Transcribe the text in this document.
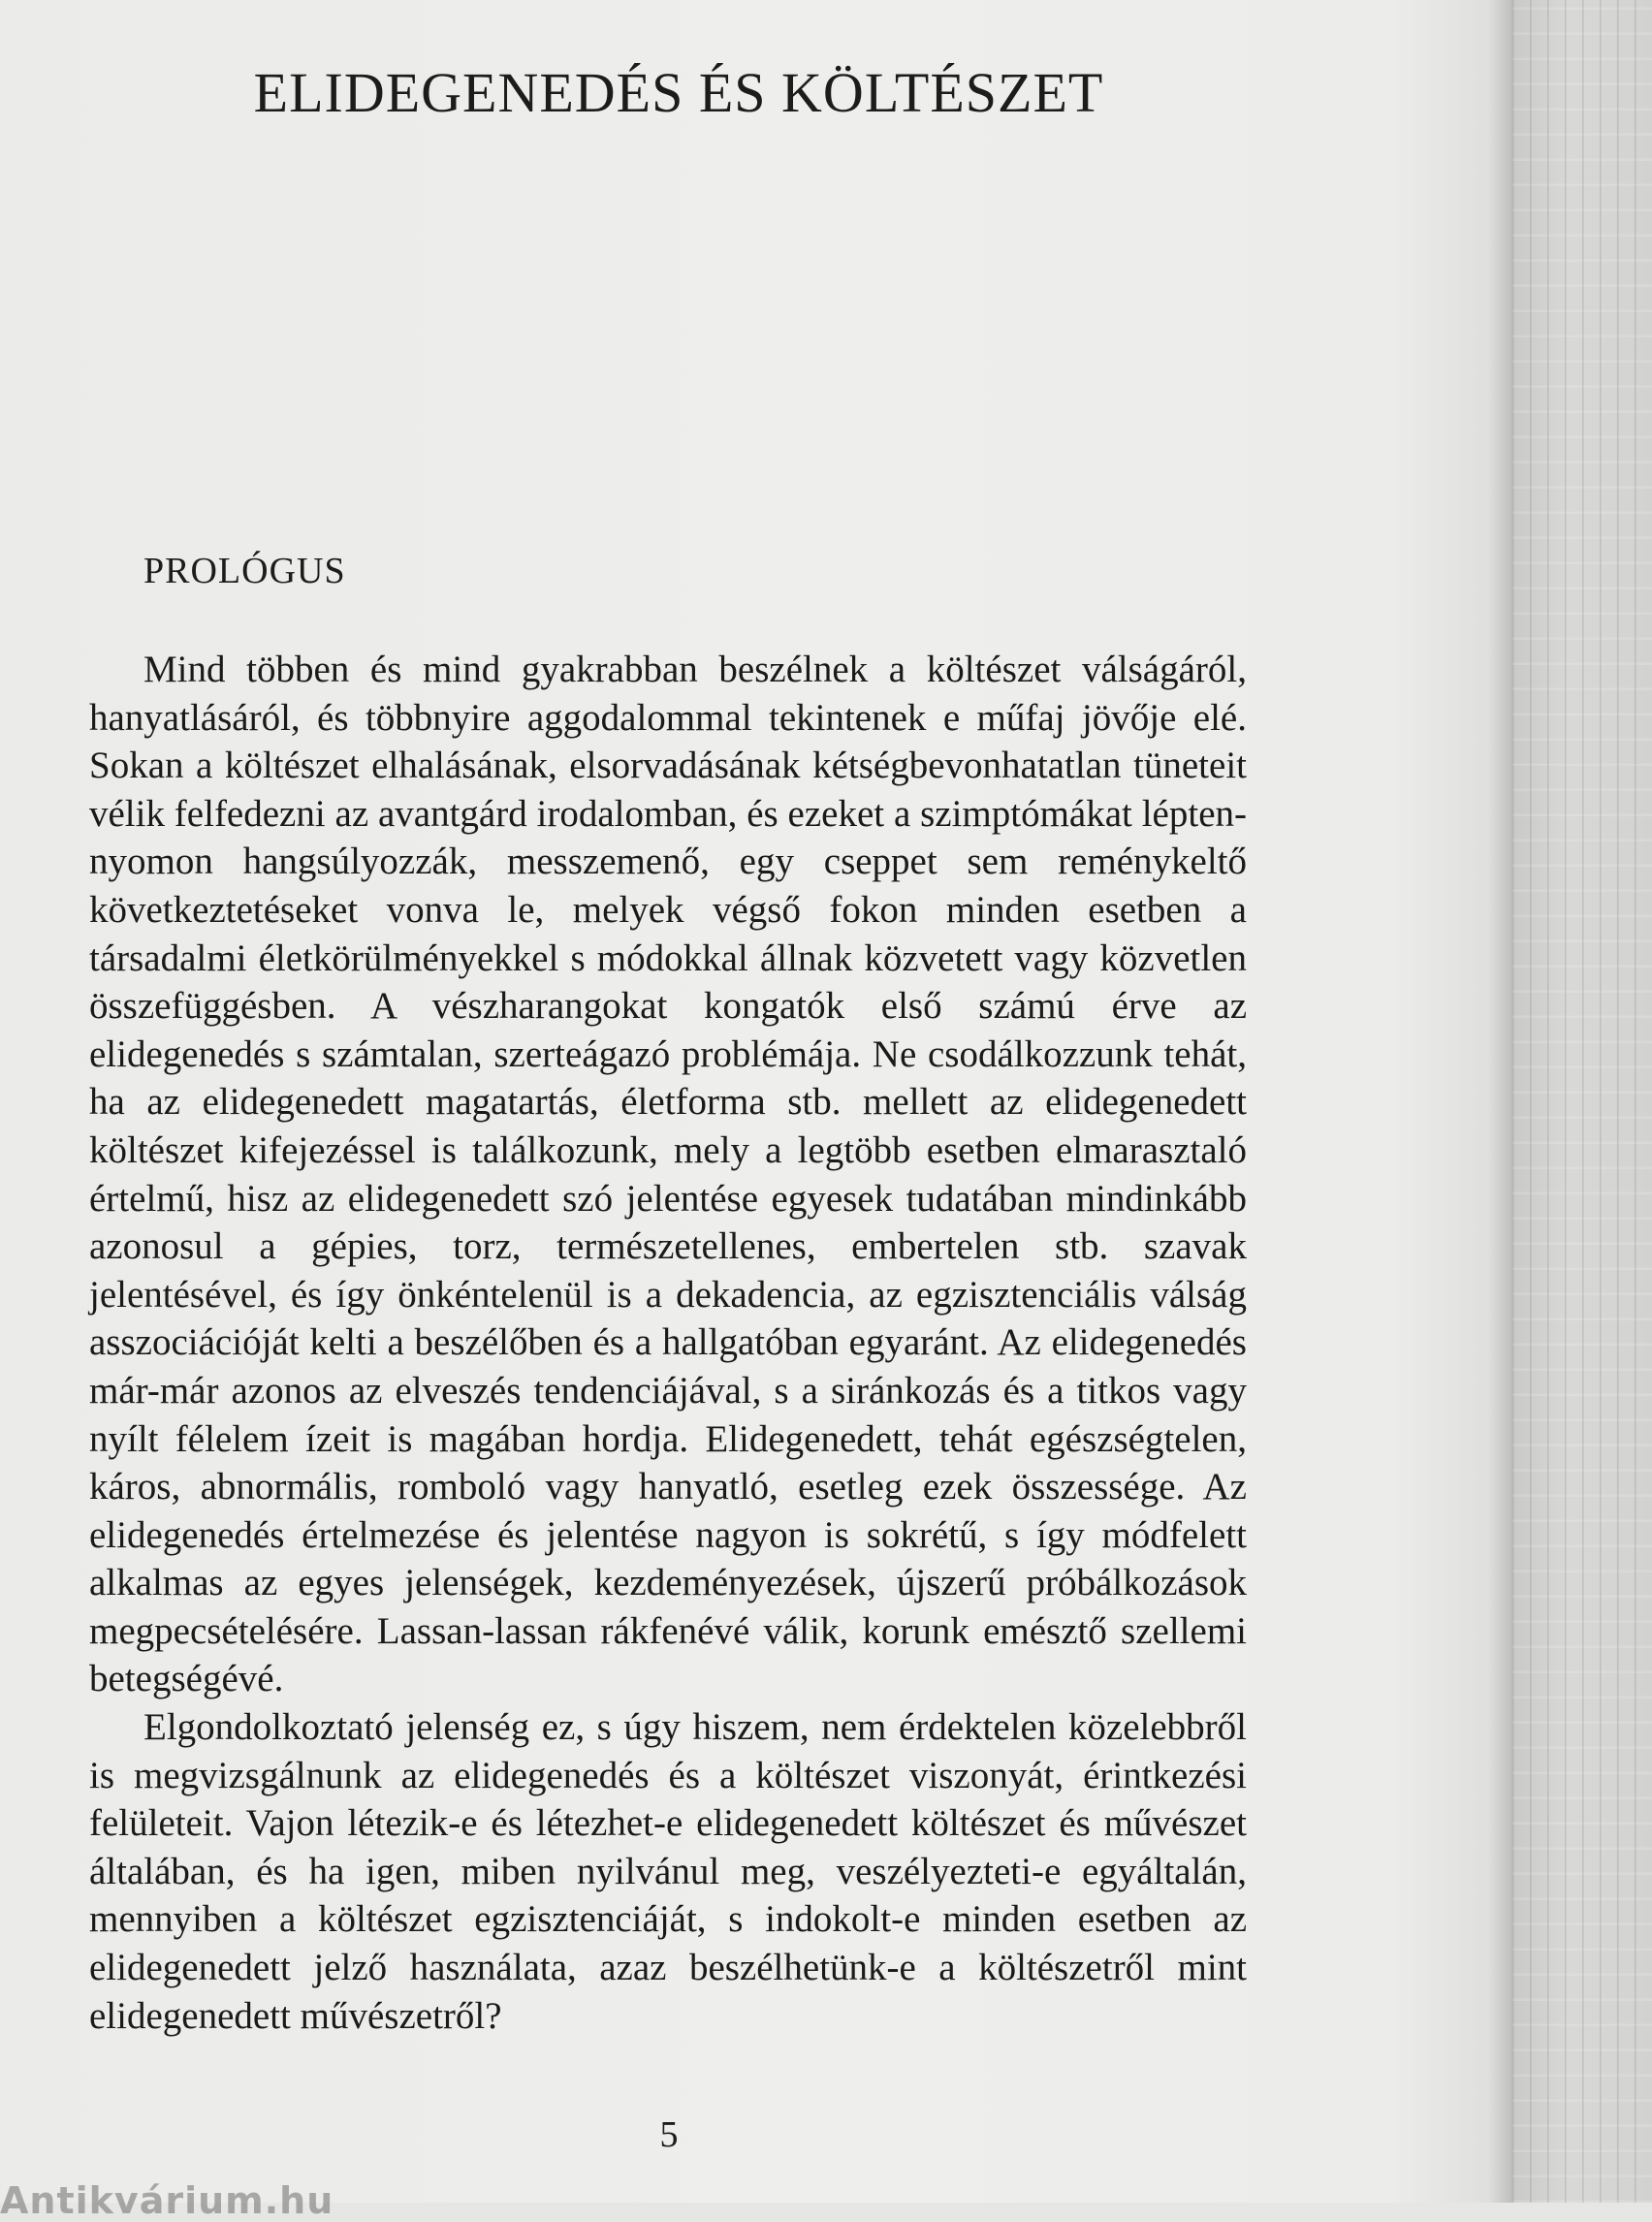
ELIDEGENEDÉS ÉS KÖLTÉSZET
PROLÓGUS

Mind többen és mind gyakrabban beszélnek a költészet válságáról, hanyatlásáról, és többnyire aggodalommal tekintenek e műfaj jövője elé. Sokan a költészet elhalásának, elsorvadásának kétségbevonhatatlan tüneteit vélik felfedezni az avantgárd irodalomban, és ezeket a szimptómákat lépten-nyomon hangsúlyozzák, messzemenő, egy cseppet sem reménykeltő következtetéseket vonva le, melyek végső fokon minden esetben a társadalmi életkörülményekkel s módokkal állnak közvetett vagy közvetlen összefüggésben. A vészharangokat kongatók első számú érve az elidegenedés s számtalan, szerteágazó problémája. Ne csodálkozzunk tehát, ha az elidegenedett magatartás, életforma stb. mellett az elidegenedett költészet kifejezéssel is találkozunk, mely a legtöbb esetben elmarasztaló értelmű, hisz az elidegenedett szó jelentése egyesek tudatában mindinkább azonosul a gépies, torz, természetellenes, embertelen stb. szavak jelentésével, és így önkéntelenül is a dekadencia, az egzisztenciális válság asszociációját kelti a beszélőben és a hallgatóban egyaránt. Az elidegenedés már-már azonos az elveszés tendenciájával, s a siránkozás és a titkos vagy nyílt félelem ízeit is magában hordja. Elidegenedett, tehát egészségtelen, káros, abnormális, romboló vagy hanyatló, esetleg ezek összessége. Az elidegenedés értelmezése és jelentése nagyon is sokrétű, s így módfelett alkalmas az egyes jelenségek, kezdeményezések, újszerű próbálkozások megpecsételésére. Lassan-lassan rákfenévé válik, korunk emésztő szellemi betegségévé.

Elgondolkoztató jelenség ez, s úgy hiszem, nem érdektelen közelebbről is megvizsgálnunk az elidegenedés és a költészet viszonyát, érintkezési felületeit. Vajon létezik-e és létezhet-e elidegenedett költészet és művészet általában, és ha igen, miben nyilvánul meg, veszélyezteti-e egyáltalán, mennyiben a költészet egzisztenciáját, s indokolt-e minden esetben az elidegenedett jelző használata, azaz beszélhetünk-e a költészetről mint elidegenedett művészetről?

5
Antikvárium.hu
